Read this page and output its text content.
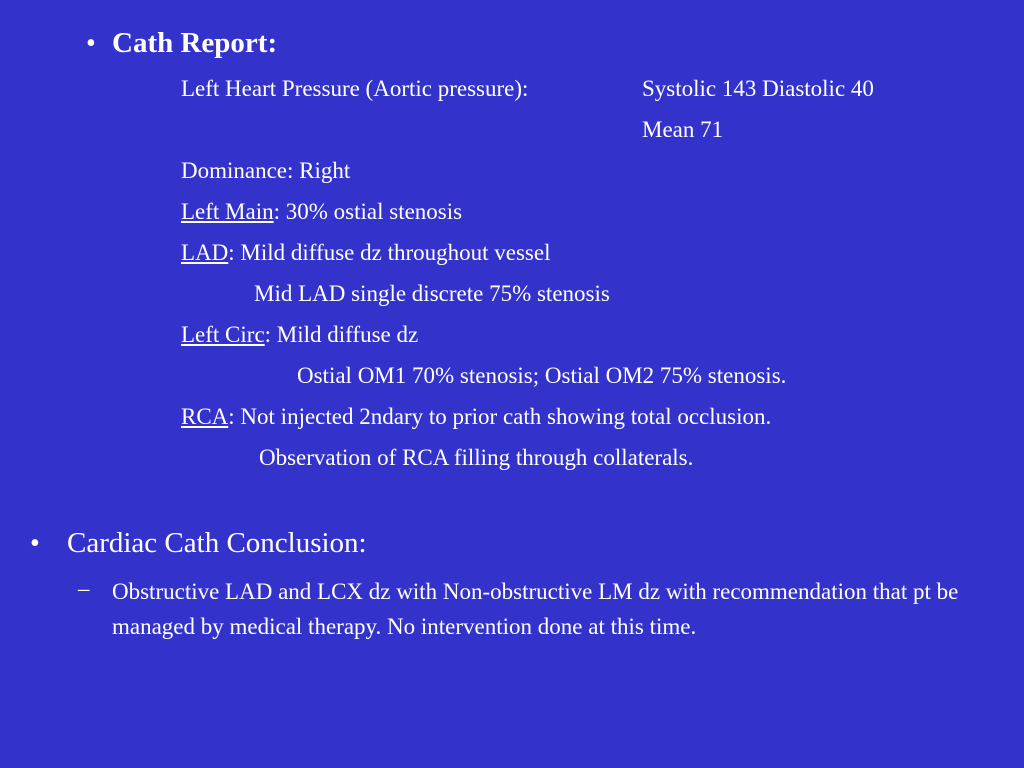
• Cath Report:
Left Heart Pressure (Aortic pressure):	Systolic 143 Diastolic 40
Mean 71
Dominance: Right
Left Main: 30% ostial stenosis
LAD: Mild diffuse dz throughout vessel
Mid LAD single discrete 75% stenosis
Left Circ: Mild diffuse dz
Ostial OM1 70% stenosis; Ostial OM2 75% stenosis.
RCA: Not injected 2ndary to prior cath showing total occlusion.
Observation of RCA filling through collaterals.
• Cardiac Cath Conclusion:
– Obstructive LAD and LCX dz with Non-obstructive LM dz with recommendation that pt be managed by medical therapy. No intervention done at this time.
